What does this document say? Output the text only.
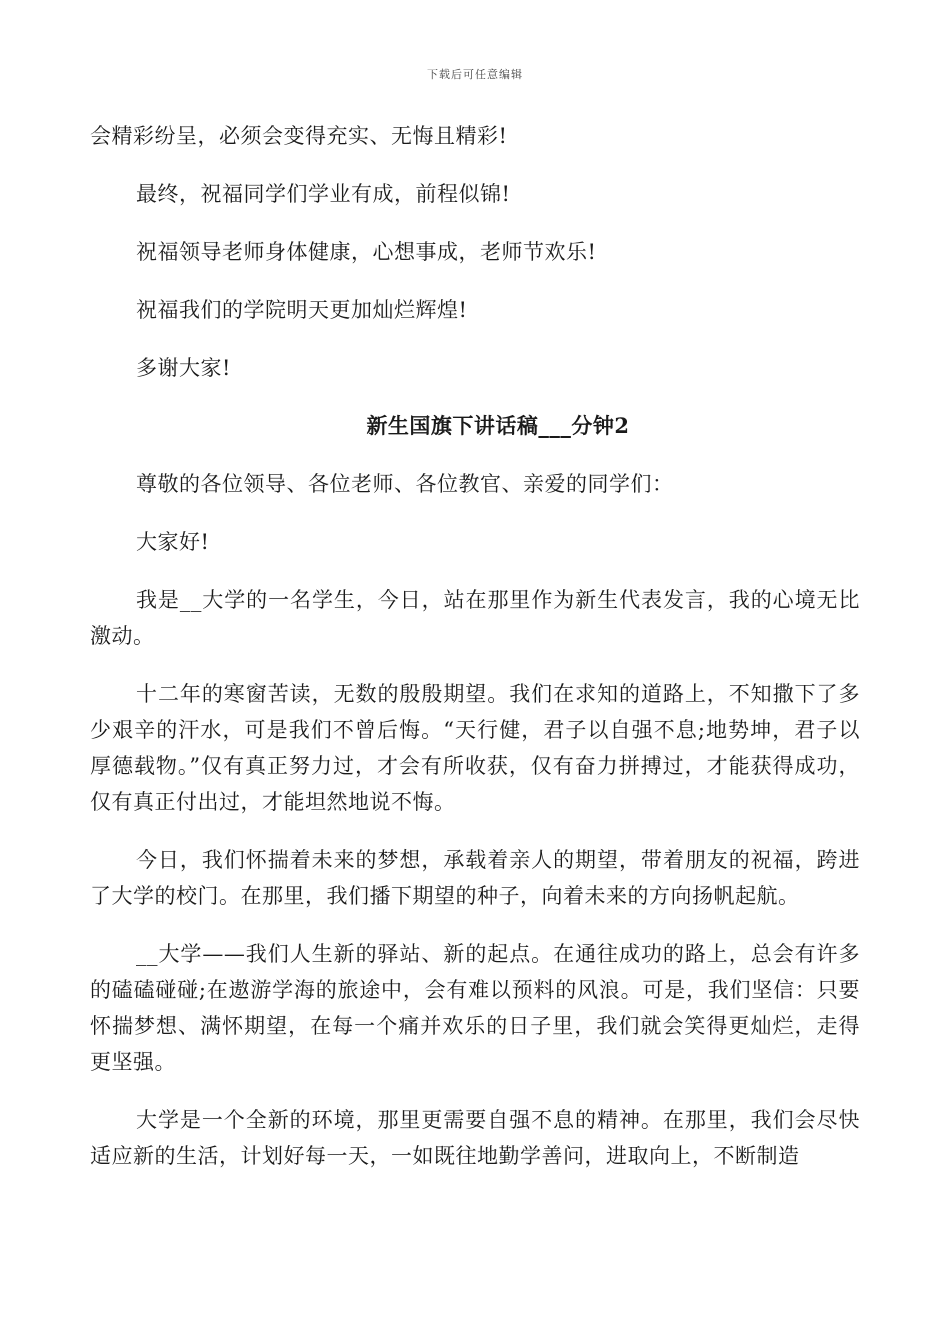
下载后可任意编辑

会精彩纷呈，必须会变得充实、无悔且精彩!

最终，祝福同学们学业有成，前程似锦!

祝福领导老师身体健康，心想事成，老师节欢乐!

祝福我们的学院明天更加灿烂辉煌!

多谢大家!

新生国旗下讲话稿___分钟2

尊敬的各位领导、各位老师、各位教官、亲爱的同学们：

大家好!

我是__大学的一名学生，今日，站在那里作为新生代表发言，我的心境无比激动。

十二年的寒窗苦读，无数的殷殷期望。我们在求知的道路上，不知撒下了多少艰辛的汗水，可是我们不曾后悔。“天行健，君子以自强不息;地势坤，君子以厚德载物。”仅有真正努力过，才会有所收获，仅有奋力拼搏过，才能获得成功，仅有真正付出过，才能坦然地说不悔。

今日，我们怀揣着未来的梦想，承载着亲人的期望，带着朋友的祝福，跨进了大学的校门。在那里，我们播下期望的种子，向着未来的方向扬帆起航。

__大学——我们人生新的驿站、新的起点。在通往成功的路上，总会有许多的磕磕碰碰;在遨游学海的旅途中，会有难以预料的风浪。可是，我们坚信：只要怀揣梦想、满怀期望，在每一个痛并欢乐的日子里，我们就会笑得更灿烂，走得更坚强。

大学是一个全新的环境，那里更需要自强不息的精神。在那里，我们会尽快适应新的生活，计划好每一天，一如既往地勤学善问，进取向上，不断制造
